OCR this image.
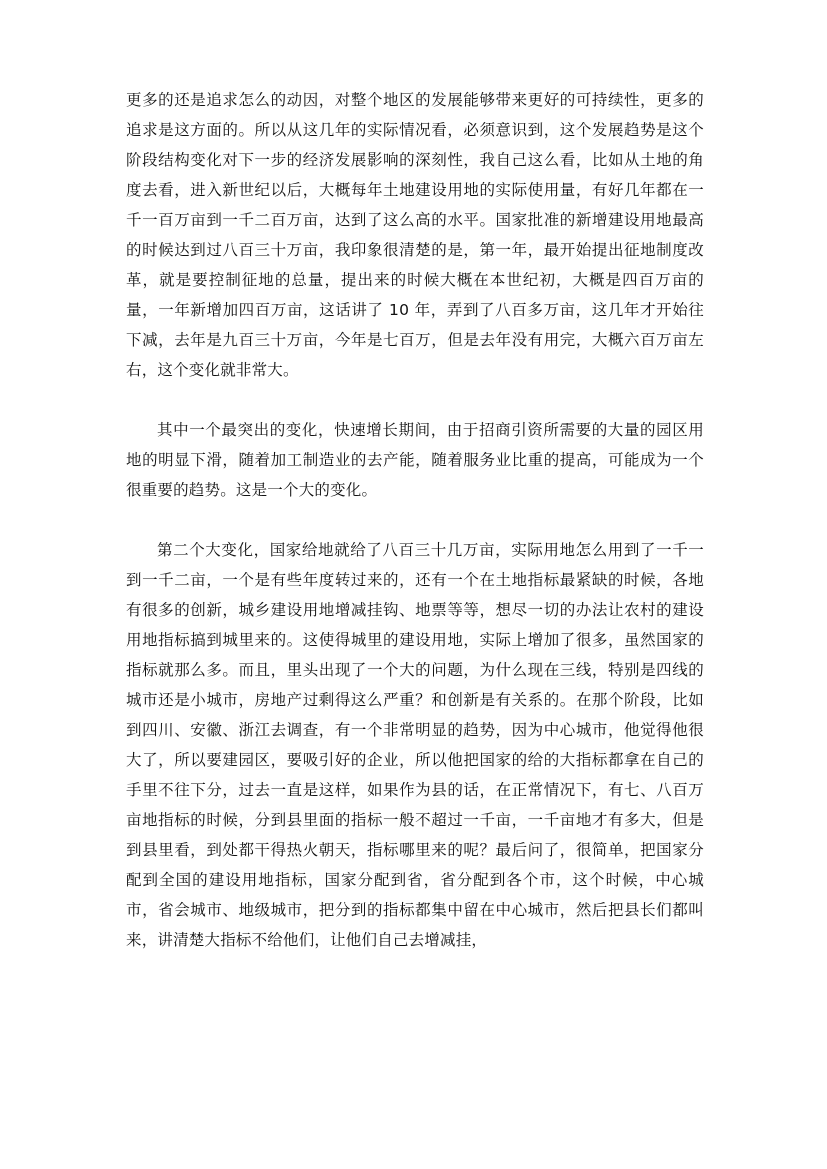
更多的还是追求怎么的动因，对整个地区的发展能够带来更好的可持续性，更多的追求是这方面的。所以从这几年的实际情况看，必须意识到，这个发展趋势是这个阶段结构变化对下一步的经济发展影响的深刻性，我自己这么看，比如从土地的角度去看，进入新世纪以后，大概每年土地建设用地的实际使用量，有好几年都在一千一百万亩到一千二百万亩，达到了这么高的水平。国家批准的新增建设用地最高的时候达到过八百三十万亩，我印象很清楚的是，第一年，最开始提出征地制度改革，就是要控制征地的总量，提出来的时候大概在本世纪初，大概是四百万亩的量，一年新增加四百万亩，这话讲了 10 年，弄到了八百多万亩，这几年才开始往下减，去年是九百三十万亩，今年是七百万，但是去年没有用完，大概六百万亩左右，这个变化就非常大。

其中一个最突出的变化，快速增长期间，由于招商引资所需要的大量的园区用地的明显下滑，随着加工制造业的去产能，随着服务业比重的提高，可能成为一个很重要的趋势。这是一个大的变化。

第二个大变化，国家给地就给了八百三十几万亩，实际用地怎么用到了一千一到一千二亩，一个是有些年度转过来的，还有一个在土地指标最紧缺的时候，各地有很多的创新，城乡建设用地增减挂钩、地票等等，想尽一切的办法让农村的建设用地指标搞到城里来的。这使得城里的建设用地，实际上增加了很多，虽然国家的指标就那么多。而且，里头出现了一个大的问题，为什么现在三线，特别是四线的城市还是小城市，房地产过剩得这么严重？和创新是有关系的。在那个阶段，比如到四川、安徽、浙江去调查，有一个非常明显的趋势，因为中心城市，他觉得他很大了，所以要建园区，要吸引好的企业，所以他把国家的给的大指标都拿在自己的手里不往下分，过去一直是这样，如果作为县的话，在正常情况下，有七、八百万亩地指标的时候，分到县里面的指标一般不超过一千亩，一千亩地才有多大，但是到县里看，到处都干得热火朝天，指标哪里来的呢？最后问了，很简单，把国家分配到全国的建设用地指标，国家分配到省，省分配到各个市，这个时候，中心城市，省会城市、地级城市，把分到的指标都集中留在中心城市，然后把县长们都叫来，讲清楚大指标不给他们，让他们自己去增减挂，
